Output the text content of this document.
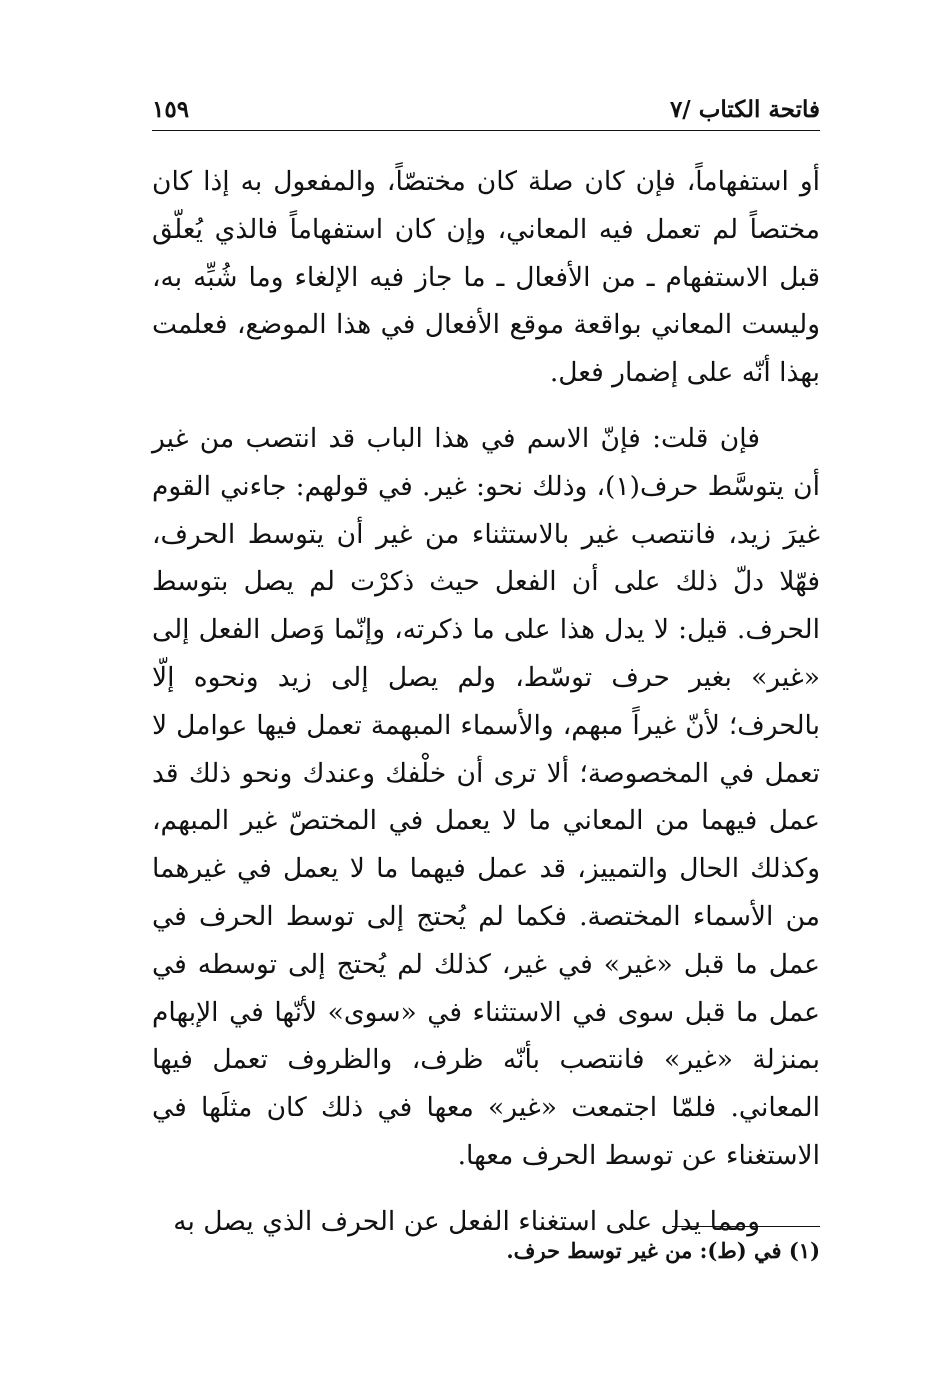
فاتحة الكتاب /٧
١٥٩

أو استفهاماً، فإن كان صلة كان مختصّاً، والمفعول به إذا كان مختصاً لم تعمل فيه المعاني، وإن كان استفهاماً فالذي يُعلّق قبل الاستفهام ـ من الأفعال ـ ما جاز فيه الإلغاء وما شُبِّه به، وليست المعاني بواقعة موقع الأفعال في هذا الموضع، فعلمت بهذا أنّه على إضمار فعل.

فإن قلت: فإنّ الاسم في هذا الباب قد انتصب من غير أن يتوسَّط حرف(١)، وذلك نحو: غير. في قولهم: جاءني القوم غيرَ زيد، فانتصب غير بالاستثناء من غير أن يتوسط الحرف، فهّلا دلّ ذلك على أن الفعل حيث ذكرْت لم يصل بتوسط الحرف. قيل: لا يدل هذا على ما ذكرته، وإنّما وَصل الفعل إلى «غير» بغير حرف توسّط، ولم يصل إلى زيد ونحوه إلّا بالحرف؛ لأنّ غيراً مبهم، والأسماء المبهمة تعمل فيها عوامل لا تعمل في المخصوصة؛ ألا ترى أن خلْفك وعندك ونحو ذلك قد عمل فيهما من المعاني ما لا يعمل في المختصّ غير المبهم، وكذلك الحال والتمييز، قد عمل فيهما ما لا يعمل في غيرهما من الأسماء المختصة. فكما لم يُحتج إلى توسط الحرف في عمل ما قبل «غير» في غير، كذلك لم يُحتج إلى توسطه في عمل ما قبل سوى في الاستثناء في «سوى» لأنّها في الإبهام بمنزلة «غير» فانتصب بأنّه ظرف، والظروف تعمل فيها المعاني. فلمّا اجتمعت «غير» معها في ذلك كان مثلَها في الاستغناء عن توسط الحرف معها.

ومما يدل على استغناء الفعل عن الحرف الذي يصل به

(١) في (ط): من غير توسط حرف.
